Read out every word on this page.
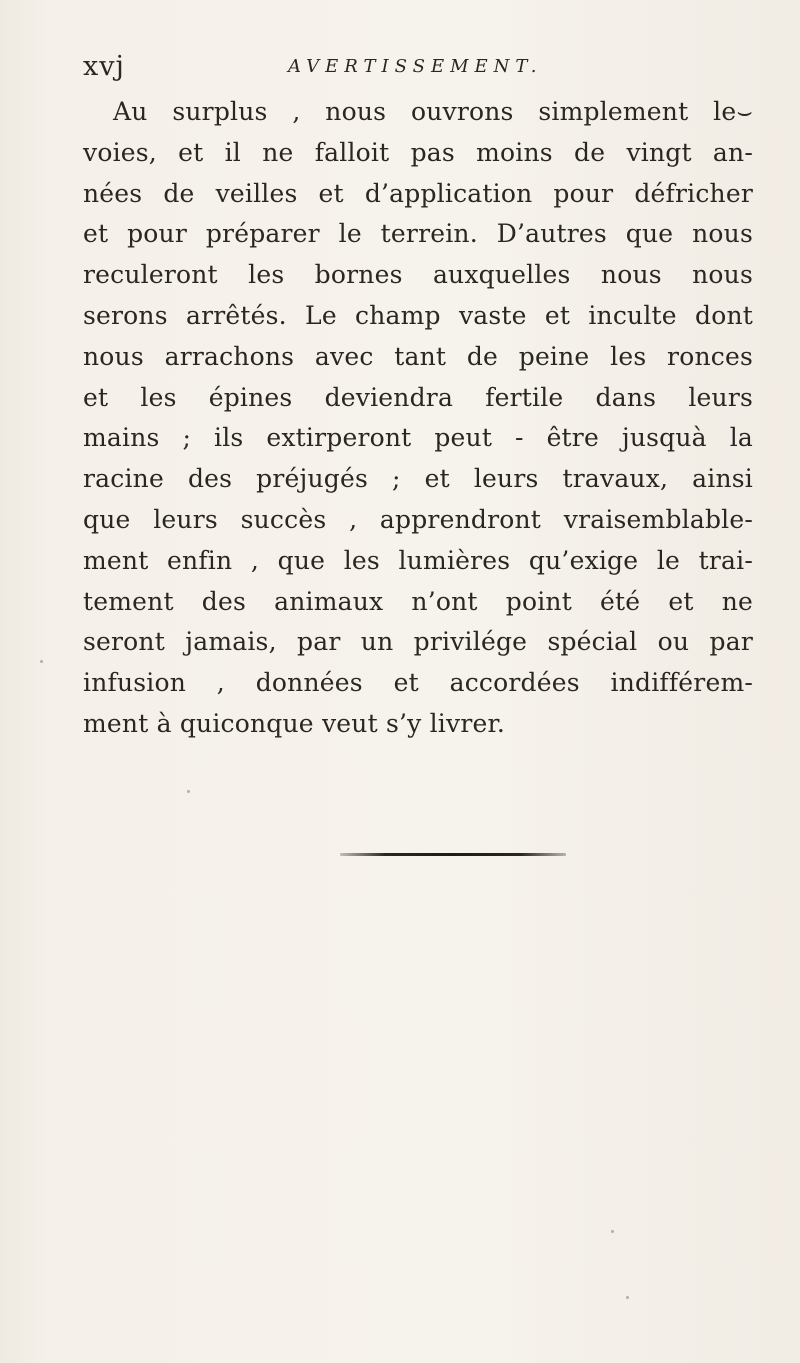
xvj	AVERTISSEMENT.
Au surplus , nous ouvrons simplement le⌣
voies, et il ne falloit pas moins de vingt an-
nées de veilles et d’application pour défricher
et pour préparer le terrein. D’autres que nous
reculeront les bornes auxquelles nous nous
serons arrêtés. Le champ vaste et inculte dont
nous arrachons avec tant de peine les ronces
et les épines deviendra fertile dans leurs
mains ; ils extirperont peut - être jusquà la
racine des préjugés ; et leurs travaux, ainsi
que leurs succès , apprendront vraisemblable-
ment enfin , que les lumières qu’exige le trai-
tement des animaux n’ont point été et ne
seront jamais, par un privilége spécial ou par
infusion , données et accordées indifférem-
ment à quiconque veut s’y livrer.
